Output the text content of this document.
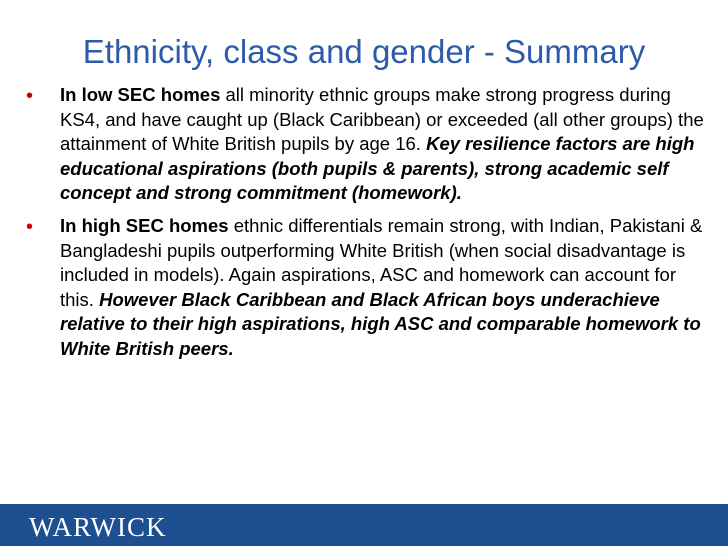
Ethnicity, class and gender - Summary
• In low SEC homes all minority ethnic groups make strong progress during KS4, and have caught up (Black Caribbean) or exceeded (all other groups) the attainment of White British pupils by age 16. Key resilience factors are high educational aspirations (both pupils & parents), strong academic self concept and strong commitment (homework).
• In high SEC homes ethnic differentials remain strong, with Indian, Pakistani & Bangladeshi pupils outperforming White British (when social disadvantage is included in models). Again aspirations, ASC and homework can account for this. However Black Caribbean and Black African boys underachieve relative to their high aspirations, high ASC and comparable homework to White British peers.
WARWICK
